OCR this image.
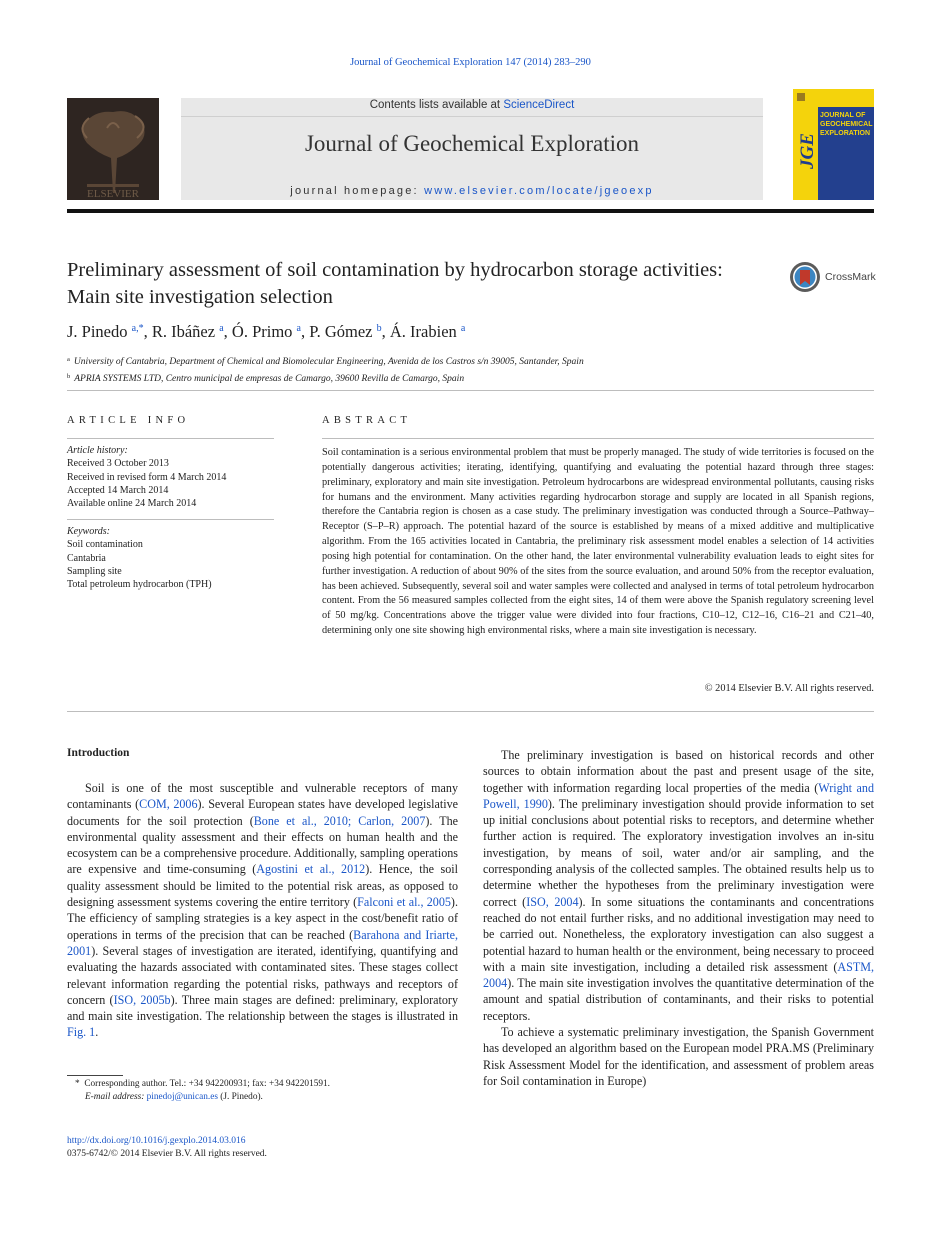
Journal of Geochemical Exploration 147 (2014) 283–290
ELSEVIER
Contents lists available at ScienceDirect
Journal of Geochemical Exploration
journal homepage: www.elsevier.com/locate/jgeoexp
JGE
JOURNAL OF GEOCHEMICAL EXPLORATION
Preliminary assessment of soil contamination by hydrocarbon storage activities: Main site investigation selection
CrossMark
J. Pinedo $^{a,*}$, R. Ibáñez $^a$, Ó. Primo $^a$, P. Gómez $^b$, Á. Irabien $^a$
$^a$ University of Cantabria, Department of Chemical and Biomolecular Engineering, Avenida de los Castros s/n 39005, Santander, Spain
$^b$ APRIA SYSTEMS LTD, Centro municipal de empresas de Camargo, 39600 Revilla de Camargo, Spain
ARTICLE INFO
Article history:
Received 3 October 2013
Received in revised form 4 March 2014
Accepted 14 March 2014
Available online 24 March 2014
Keywords:
Soil contamination
Cantabria
Sampling site
Total petroleum hydrocarbon (TPH)
ABSTRACT
Soil contamination is a serious environmental problem that must be properly managed. The study of wide territories is focused on the potentially dangerous activities; iterating, identifying, quantifying and evaluating the potential hazard through three stages: preliminary, exploratory and main site investigation. Petroleum hydrocarbons are widespread environmental pollutants, causing risks for humans and the environment. Many activities regarding hydrocarbon storage and supply are located in all Spanish regions, therefore the Cantabria region is chosen as a case study. The preliminary investigation was conducted through a Source–Pathway–Receptor (S–P–R) approach. The potential hazard of the source is established by means of a mixed additive and multiplicative algorithm. From the 165 activities located in Cantabria, the preliminary risk assessment model enables a selection of 14 activities posing high potential for contamination. On the other hand, the later environmental vulnerability evaluation leads to eight sites for further investigation. A reduction of about 90% of the sites from the source evaluation, and around 50% from the receptor evaluation, has been achieved. Subsequently, several soil and water samples were collected and analysed in terms of total petroleum hydrocarbon content. From the 56 measured samples collected from the eight sites, 14 of them were above the Spanish regulatory screening level of 50 mg/kg. Concentrations above the trigger value were divided into four fractions, C10–12, C12–16, C16–21 and C21–40, determining only one site showing high environmental risks, where a main site investigation is necessary.
© 2014 Elsevier B.V. All rights reserved.
Introduction

Soil is one of the most susceptible and vulnerable receptors of many contaminants (COM, 2006). Several European states have developed legislative documents for the soil protection (Bone et al., 2010; Carlon, 2007). The environmental quality assessment and their effects on human health and the ecosystem can be a comprehensive procedure. Additionally, sampling operations are expensive and time-consuming (Agostini et al., 2012). Hence, the soil quality assessment should be limited to the potential risk areas, as opposed to designing assessment systems covering the entire territory (Falconi et al., 2005). The efficiency of sampling strategies is a key aspect in the cost/benefit ratio of operations in terms of the precision that can be reached (Barahona and Iriarte, 2001). Several stages of investigation are iterated, identifying, quantifying and evaluating the hazards associated with contaminated sites. These stages collect relevant information regarding the potential risks, pathways and receptors of concern (ISO, 2005b). Three main stages are defined: preliminary, exploratory and main site investigation. The relationship between the stages is illustrated in Fig. 1.

The preliminary investigation is based on historical records and other sources to obtain information about the past and present usage of the site, together with information regarding local properties of the media (Wright and Powell, 1990). The preliminary investigation should provide information to set up initial conclusions about potential risks to receptors, and determine whether further action is required. The exploratory investigation involves an in-situ investigation, by means of soil, water and/or air sampling, and the corresponding analysis of the collected samples. The obtained results help us to determine whether the hypotheses from the preliminary investigation were correct (ISO, 2004). In some situations the contaminants and concentrations reached do not entail further risks, and no additional investigation may need to be carried out. Nonetheless, the exploratory investigation can also suggest a potential hazard to human health or the environment, being necessary to proceed with a main site investigation, including a detailed risk assessment (ASTM, 2004). The main site investigation involves the quantitative determination of the amount and spatial distribution of contaminants, and their risks to potential receptors.

To achieve a systematic preliminary investigation, the Spanish Government has developed an algorithm based on the European model PRA.MS (Preliminary Risk Assessment Model for the identification, and assessment of problem areas for Soil contamination in Europe)

* Corresponding author. Tel.: +34 942200931; fax: +34 942201591.
E-mail address: pinedoj@unican.es (J. Pinedo).
http://dx.doi.org/10.1016/j.gexplo.2014.03.016
0375-6742/© 2014 Elsevier B.V. All rights reserved.
